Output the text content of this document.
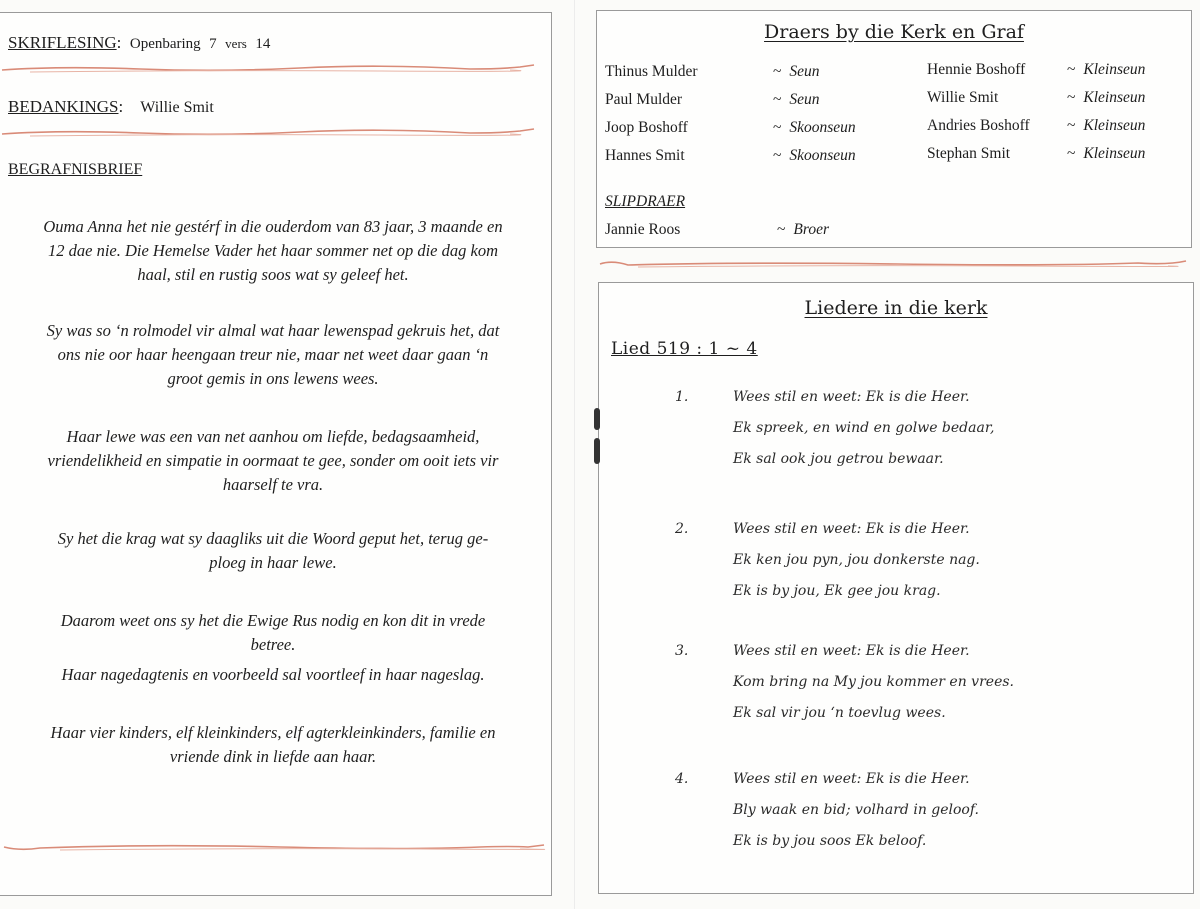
SKRIFLESING: Openbaring 7 vers 14
BEDANKINGS: Willie Smit
BEGRAFNISBRIEF
Ouma Anna het nie gestérf in die ouderdom van 83 jaar, 3 maande en
12 dae nie. Die Hemelse Vader het haar sommer net op die dag kom
haal, stil en rustig soos wat sy geleef het.
Sy was so ‘n rolmodel vir almal wat haar lewenspad gekruis het, dat
ons nie oor haar heengaan treur nie, maar net weet daar gaan ‘n
groot gemis in ons lewens wees.
Haar lewe was een van net aanhou om liefde, bedagsaamheid,
vriendelikheid en simpatie in oormaat te gee, sonder om ooit iets vir
haarself te vra.
Sy het die krag wat sy daagliks uit die Woord geput het, terug ge-
ploeg in haar lewe.
Daarom weet ons sy het die Ewige Rus nodig en kon dit in vrede
betree.
Haar nagedagtenis en voorbeeld sal voortleef in haar nageslag.
Haar vier kinders, elf kleinkinders, elf agterkleinkinders, familie en
vriende dink in liefde aan haar.
Draers by die Kerk en Graf
Thinus Mulder	~ Seun
Paul Mulder	~ Seun
Joop Boshoff	~ Skoonseun
Hannes Smit	~ Skoonseun
Hennie Boshoff	~ Kleinseun
Willie Smit	~ Kleinseun
Andries Boshoff ~ Kleinseun
Stephan Smit	~ Kleinseun
SLIPDRAER
Jannie Roos	~ Broer
Liedere in die kerk
Lied 519 : 1 ~ 4
1.	Wees stil en weet: Ek is die Heer.
Ek spreek, en wind en golwe bedaar,
Ek sal ook jou getrou bewaar.
2.	Wees stil en weet: Ek is die Heer.
Ek ken jou pyn, jou donkerste nag.
Ek is by jou, Ek gee jou krag.
3.	Wees stil en weet: Ek is die Heer.
Kom bring na My jou kommer en vrees.
Ek sal vir jou ‘n toevlug wees.
4.	Wees stil en weet: Ek is die Heer.
Bly waak en bid; volhard in geloof.
Ek is by jou soos Ek beloof.
